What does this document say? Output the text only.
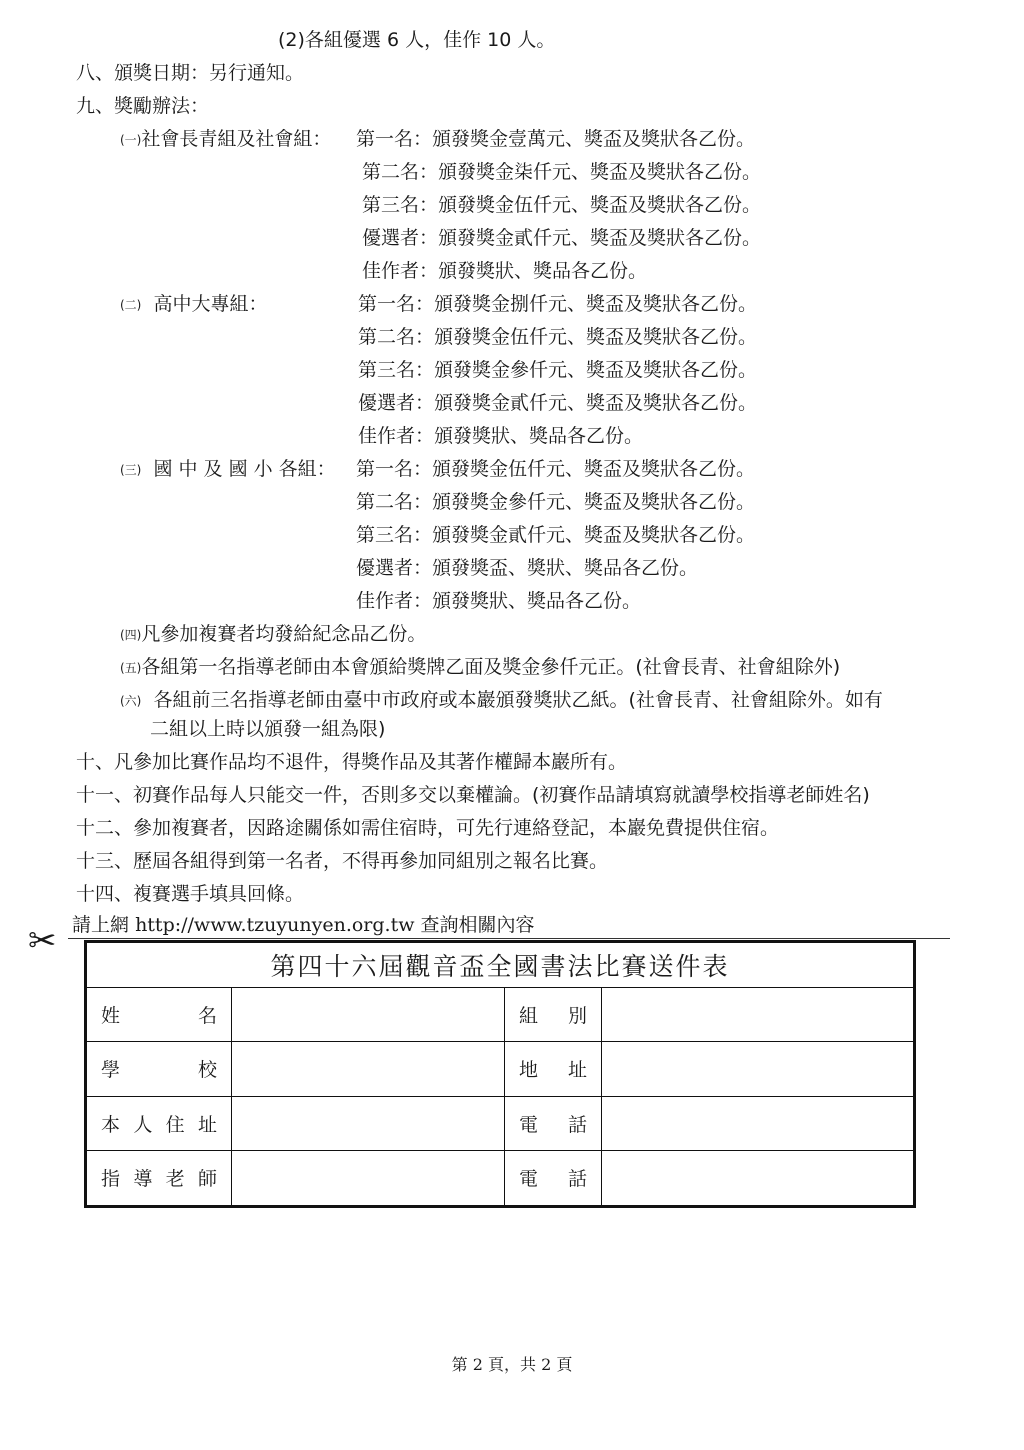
(2)各組優選 6 人，佳作 10 人。
八、頒獎日期：另行通知。
九、獎勵辦法：
(一)社會長青組及社會組： 第一名：頒發獎金壹萬元、獎盃及獎狀各乙份。
第二名：頒發獎金柒仟元、獎盃及獎狀各乙份。
第三名：頒發獎金伍仟元、獎盃及獎狀各乙份。
優選者：頒發獎金貳仟元、獎盃及獎狀各乙份。
佳作者：頒發獎狀、獎品各乙份。
(二) 高中大專組：	第一名：頒發獎金捌仟元、獎盃及獎狀各乙份。
第二名：頒發獎金伍仟元、獎盃及獎狀各乙份。
第三名：頒發獎金參仟元、獎盃及獎狀各乙份。
優選者：頒發獎金貳仟元、獎盃及獎狀各乙份。
佳作者：頒發獎狀、獎品各乙份。
(三) 國 中 及 國 小 各組： 第一名：頒發獎金伍仟元、獎盃及獎狀各乙份。
第二名：頒發獎金參仟元、獎盃及獎狀各乙份。
第三名：頒發獎金貳仟元、獎盃及獎狀各乙份。
優選者：頒發獎盃、獎狀、獎品各乙份。
佳作者：頒發獎狀、獎品各乙份。
(四)凡參加複賽者均發給紀念品乙份。
(五)各組第一名指導老師由本會頒給獎牌乙面及獎金參仟元正。(社會長青、社會組除外)
(六) 各組前三名指導老師由臺中市政府或本巖頒發獎狀乙紙。(社會長青、社會組除外。如有
二組以上時以頒發一組為限)
十、凡參加比賽作品均不退件，得獎作品及其著作權歸本巖所有。
十一、初賽作品每人只能交一件，否則多交以棄權論。(初賽作品請填寫就讀學校指導老師姓名)
十二、參加複賽者，因路途關係如需住宿時，可先行連絡登記，本巖免費提供住宿。
十三、歷屆各組得到第一名者，不得再參加同組別之報名比賽。
十四、複賽選手填具回條。
請上網 http://www.tzuyunyen.org.tw 查詢相關內容
✂
第四十六屆觀音盃全國書法比賽送件表			
姓名		組別	
學校		地址	
本人住址		電話	
指導老師		電話	
第 2 頁，共 2 頁
